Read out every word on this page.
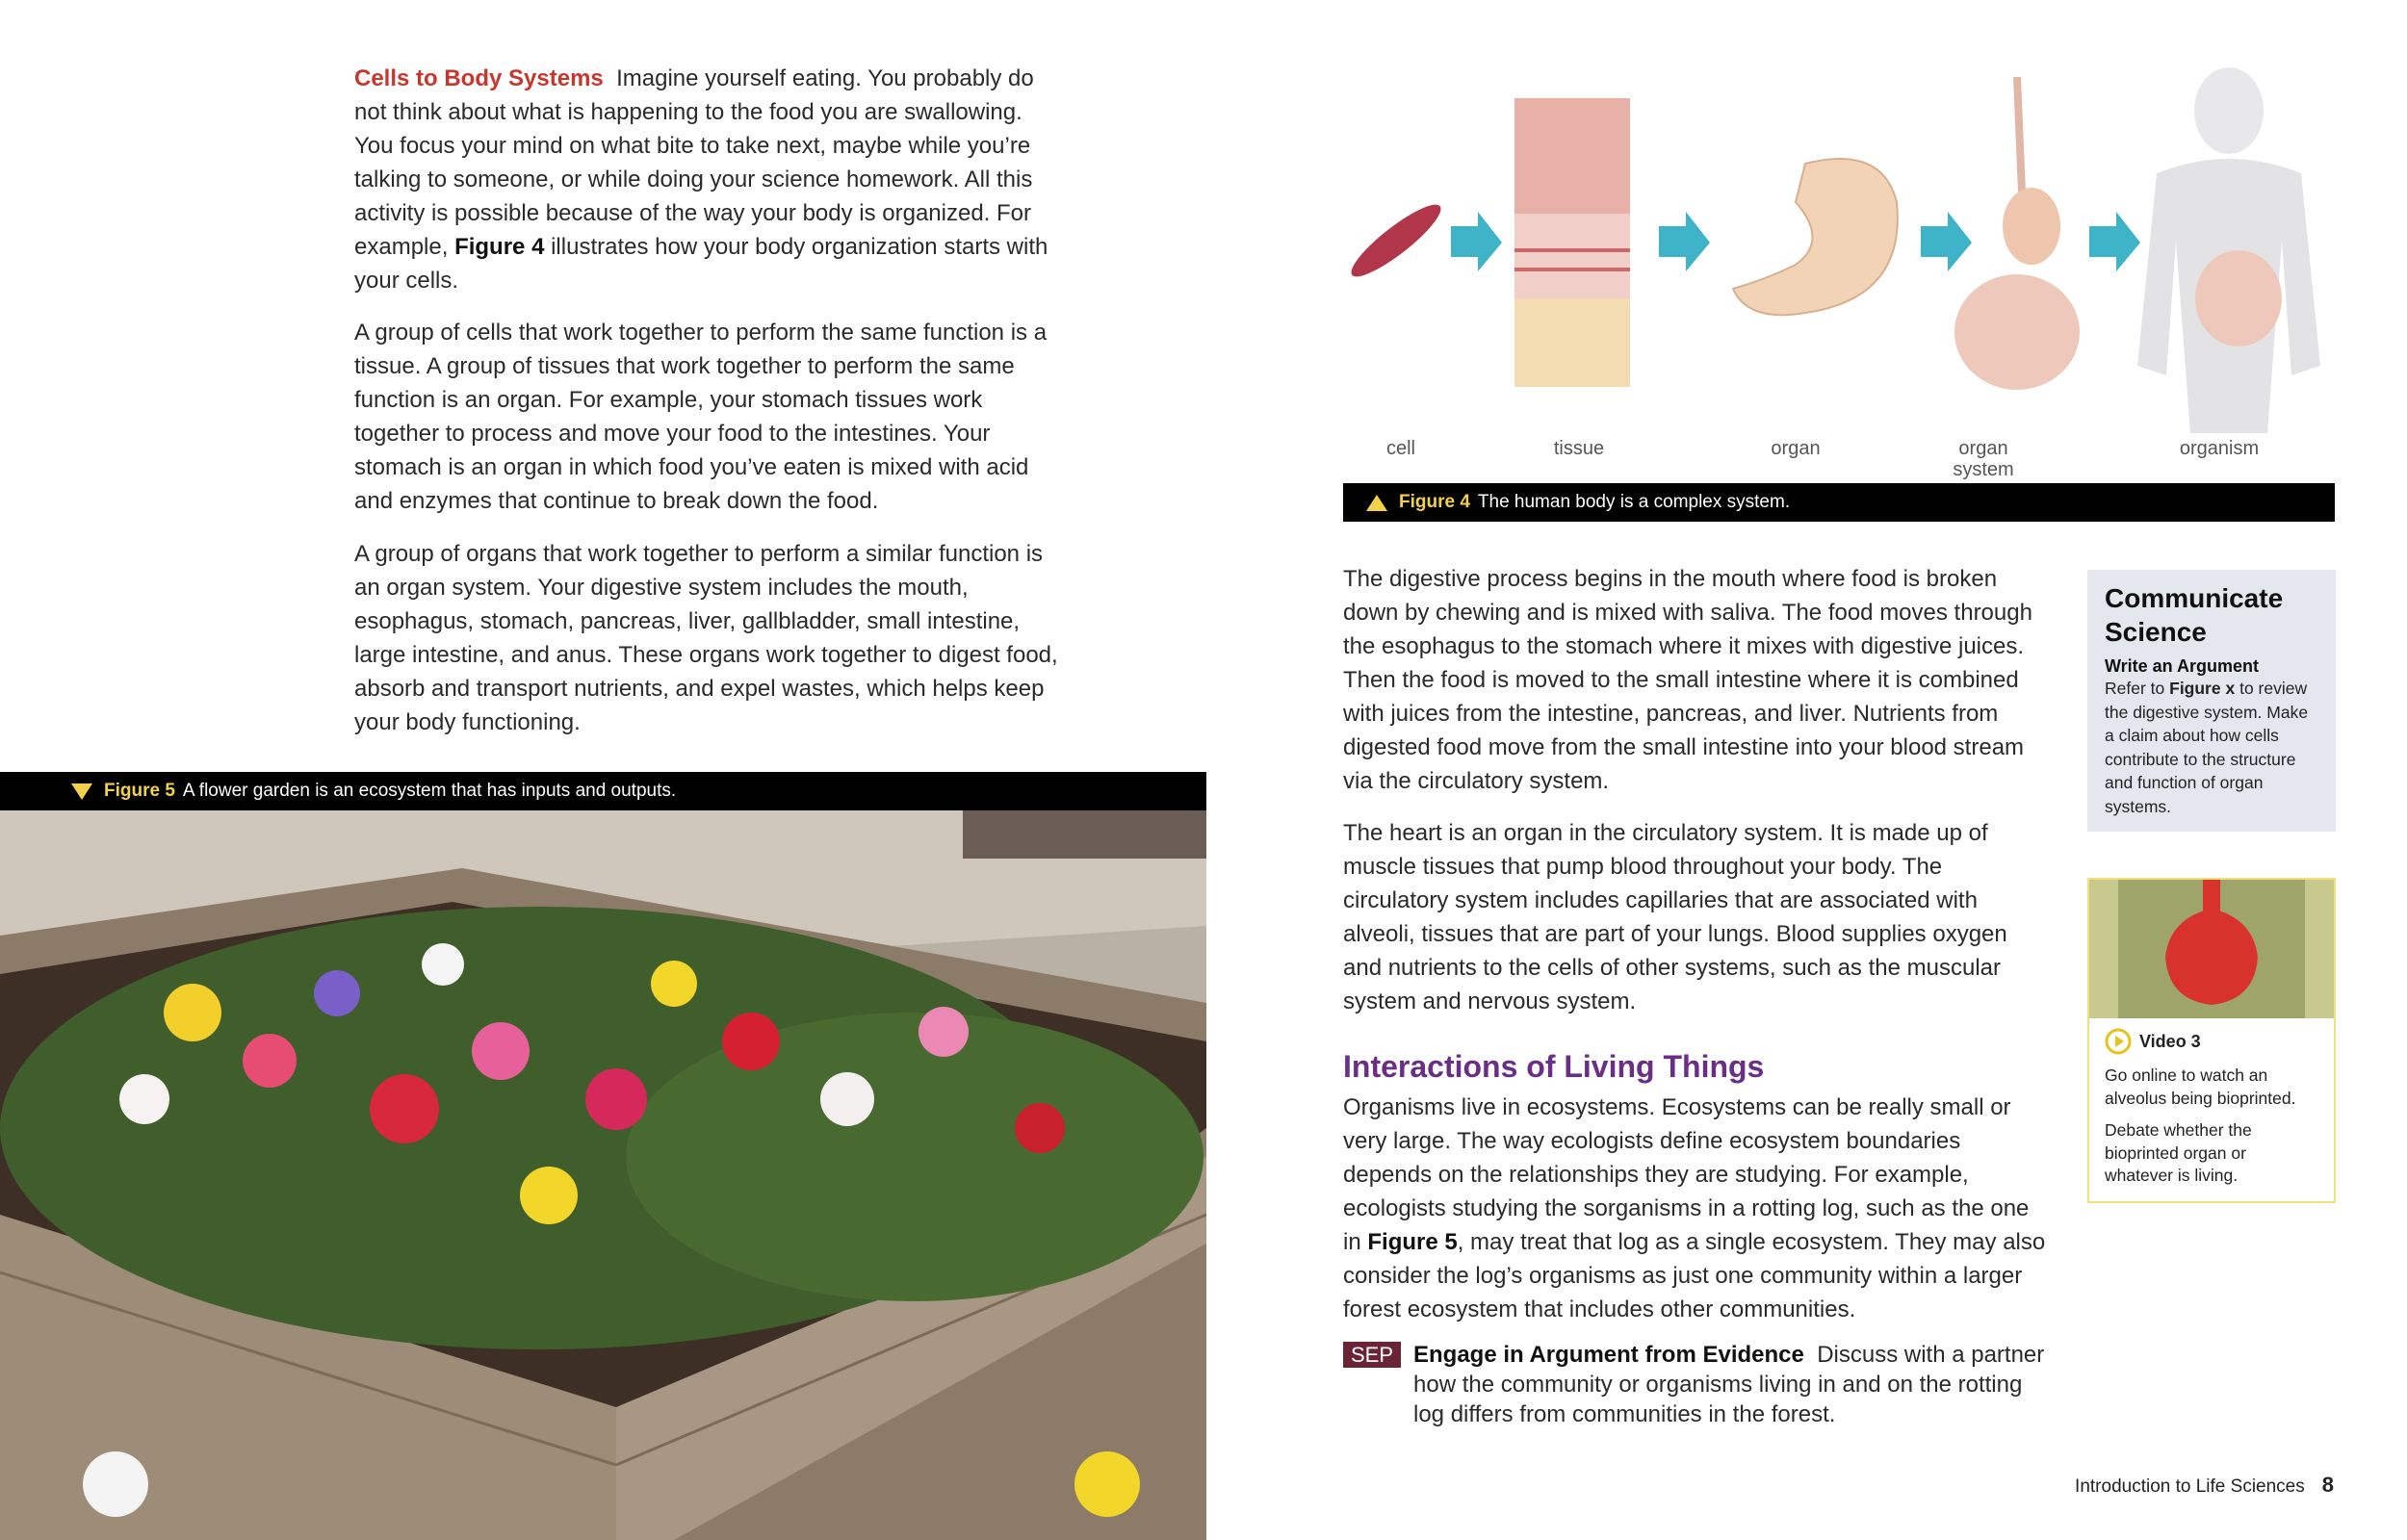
Cells to Body Systems Imagine yourself eating. You probably do not think about what is happening to the food you are swallowing. You focus your mind on what bite to take next, maybe while you’re talking to someone, or while doing your science homework. All this activity is possible because of the way your body is organized. For example, Figure 4 illustrates how your body organization starts with your cells.
A group of cells that work together to perform the same function is a tissue. A group of tissues that work together to perform the same function is an organ. For example, your stomach tissues work together to process and move your food to the intestines. Your stomach is an organ in which food you’ve eaten is mixed with acid and enzymes that continue to break down the food.
A group of organs that work together to perform a similar function is an organ system. Your digestive system includes the mouth, esophagus, stomach, pancreas, liver, gallbladder, small intestine, large intestine, and anus. These organs work together to digest food, absorb and transport nutrients, and expel wastes, which helps keep your body functioning.
Figure 5 A flower garden is an ecosystem that has inputs and outputs.
cell	tissue	organ	organ system
organism
Figure 4 The human body is a complex system.
The digestive process begins in the mouth where food is broken down by chewing and is mixed with saliva. The food moves through the esophagus to the stomach where it mixes with digestive juices. Then the food is moved to the small intestine where it is combined with juices from the intestine, pancreas, and liver. Nutrients from digested food move from the small intestine into your blood stream via the circulatory system.
The heart is an organ in the circulatory system. It is made up of muscle tissues that pump blood throughout your body. The circulatory system includes capillaries that are associated with alveoli, tissues that are part of your lungs. Blood supplies oxygen and nutrients to the cells of other systems, such as the muscular system and nervous system.
Interactions of Living Things
Organisms live in ecosystems. Ecosystems can be really small or very large. The way ecologists define ecosystem boundaries depends on the relationships they are studying. For example, ecologists studying the sorganisms in a rotting log, such as the one in Figure 5, may treat that log as a single ecosystem. They may also consider the log’s organisms as just one community within a larger forest ecosystem that includes other communities.
SEP Engage in Argument from Evidence Discuss with a partner how the community or organisms living in and on the rotting log differs from communities in the forest.
Communicate Science
Write an Argument
Refer to Figure x to review the digestive system. Make a claim about how cells contribute to the structure and function of organ systems.
Video 3
Go online to watch an alveolus being bioprinted.
Debate whether the bioprinted organ or whatever is living.
Introduction to Life Sciences 8
